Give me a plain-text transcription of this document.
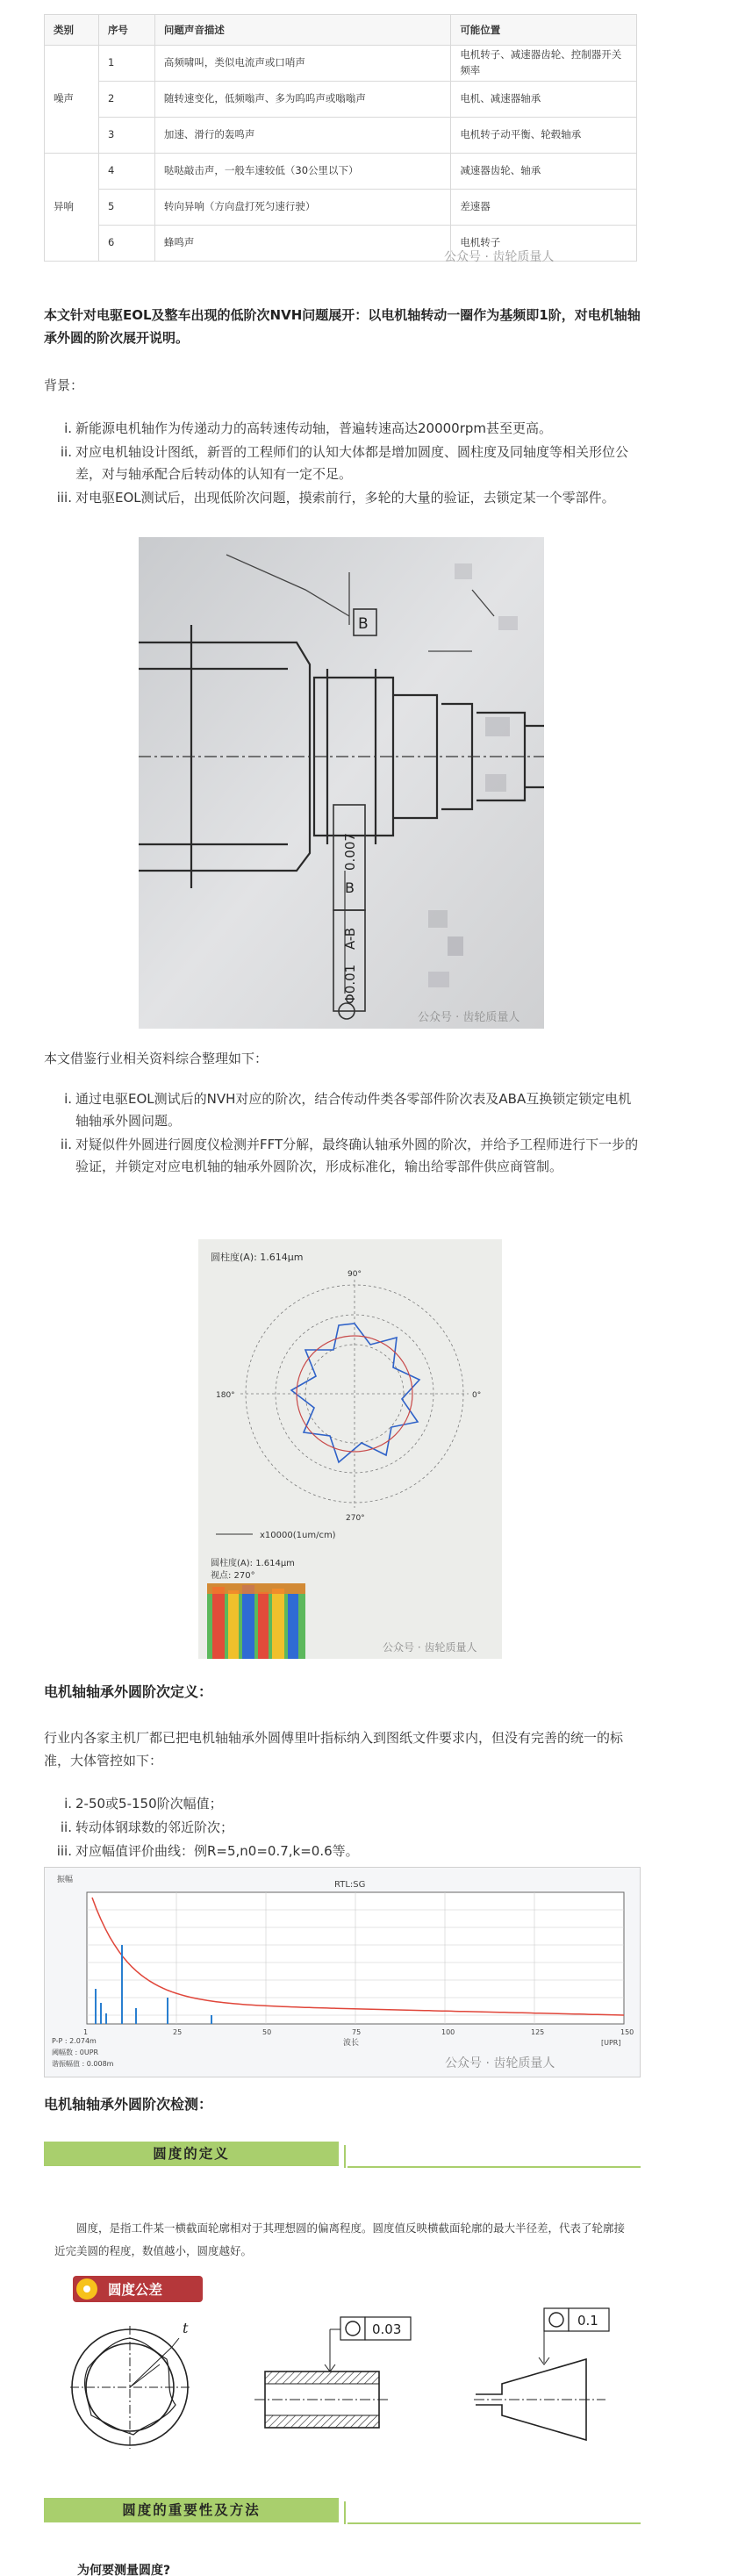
类别	序号	问题声音描述	可能位置
噪声	1	高频啸叫，类似电流声或口哨声	电机转子、减速器齿轮、控制器开关频率
	2	随转速变化，低频嗡声、多为呜呜声或嗡嗡声	电机、减速器轴承
	3	加速、滑行的轰鸣声	电机转子动平衡、轮毂轴承
异响	4	哒哒敲击声，一般车速较低（30公里以下）	减速器齿轮、轴承
	5	转向异响（方向盘打死匀速行驶）	差速器
	6	蜂鸣声	电机转子
公众号 · 齿轮质量人

本文针对电驱EOL及整车出现的低阶次NVH问题展开：以电机轴转动一圈作为基频即1阶，对电机轴轴承外圆的阶次展开说明。

背景：

i. 新能源电机轴作为传递动力的高转速传动轴，普遍转速高达20000rpm甚至更高。
ii. 对应电机轴设计图纸，新晋的工程师们的认知大体都是增加圆度、圆柱度及同轴度等相关形位公差，对与轴承配合后转动体的认知有一定不足。
iii. 对电驱EOL测试后，出现低阶次问题，摸索前行，多轮的大量的验证，去锁定某一个零部件。
B
B
Φ0.01
A-B
0.007
公众号 · 齿轮质量人

本文借鉴行业相关资料综合整理如下：

i. 通过电驱EOL测试后的NVH对应的阶次，结合传动件类各零部件阶次表及ABA互换锁定锁定电机轴轴承外圆问题。
ii. 对疑似件外圆进行圆度仪检测并FFT分解，最终确认轴承外圆的阶次，并给予工程师进行下一步的验证，并锁定对应电机轴的轴承外圆阶次，形成标准化，输出给零部件供应商管制。
圆柱度(A): 1.614μm
90°
180°	0°
270°
x10000(1um/cm)
圆柱度(A): 1.614μm
视点: 270°
公众号 · 齿轮质量人
电机轴轴承外圆阶次定义：

行业内各家主机厂都已把电机轴轴承外圆傅里叶指标纳入到图纸文件要求内，但没有完善的统一的标准，大体管控如下：

i. 2-50或5-150阶次幅值；
ii. 转动体钢球数的邻近阶次；
iii. 对应幅值评价曲线：例R=5,n0=0.7,k=0.6等。
振幅	RTL:SG
波长	[UPR]
1	25	50	75	100	125	150
P-P : 2.074m
阈幅数 : 0UPR
谐振幅值 : 0.008m	公众号 · 齿轮质量人
电机轴轴承外圆阶次检测：
圆度的定义

圆度，是指工件某一横截面轮廓相对于其理想圆的偏离程度。圆度值反映横截面轮廓的最大半径差，代表了轮廓接近完美圆的程度，数值越小，圆度越好。

圆度公差
t	0.03
0.1
圆度的重要性及方法
为何要测量圆度?
